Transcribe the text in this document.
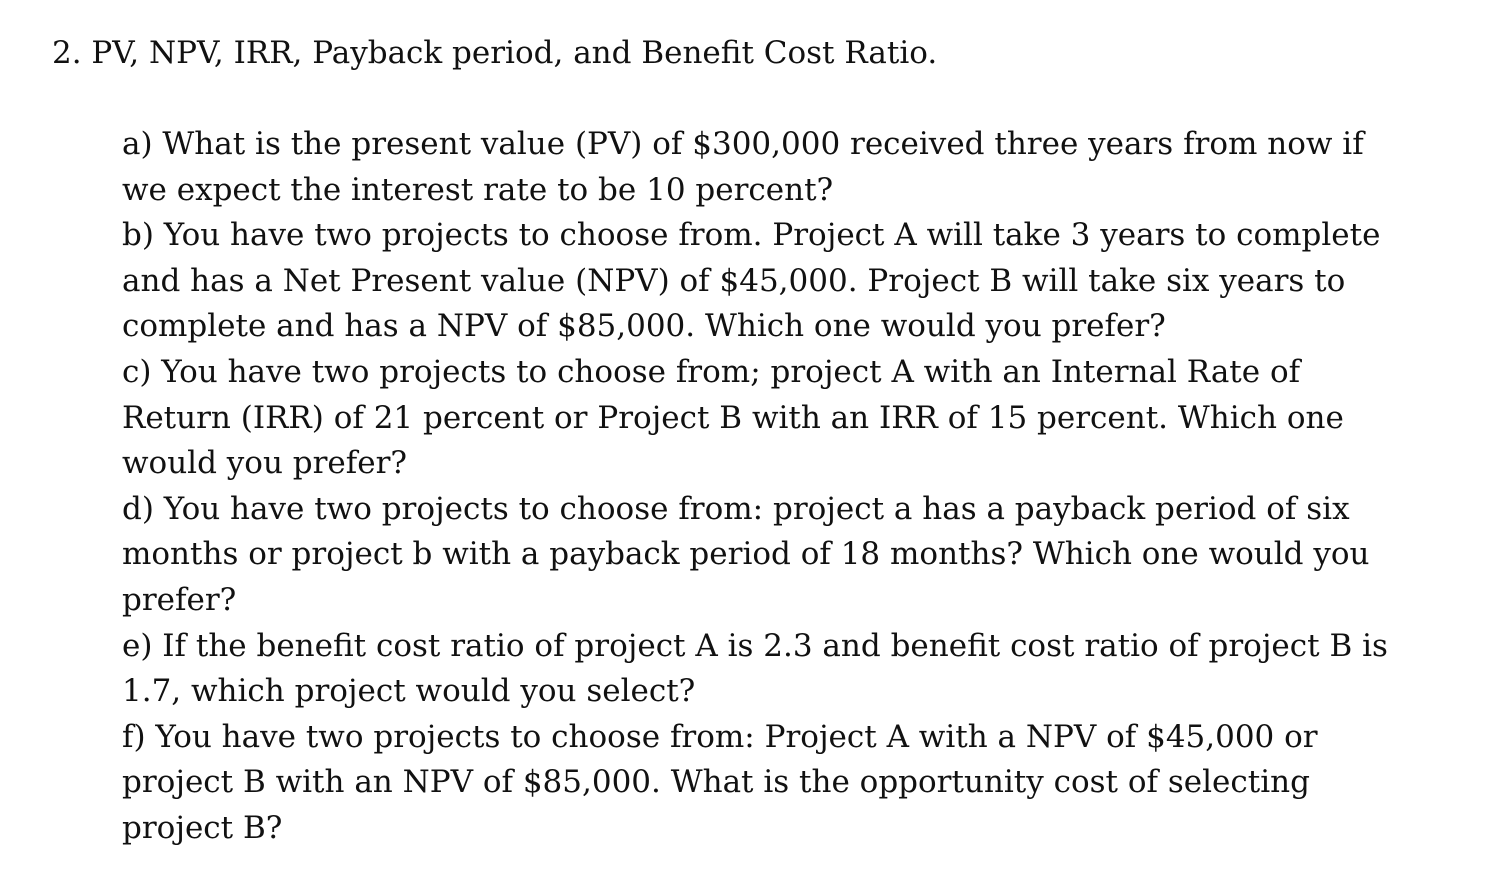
2. PV, NPV, IRR, Payback period, and Benefit Cost Ratio.
a) What is the present value (PV) of $300,000 received three years from now if
we expect the interest rate to be 10 percent?
b) You have two projects to choose from. Project A will take 3 years to complete
and has a Net Present value (NPV) of $45,000. Project B will take six years to
complete and has a NPV of $85,000. Which one would you prefer?
c) You have two projects to choose from; project A with an Internal Rate of
Return (IRR) of 21 percent or Project B with an IRR of 15 percent. Which one
would you prefer?
d) You have two projects to choose from: project a has a payback period of six
months or project b with a payback period of 18 months? Which one would you
prefer?
e) If the benefit cost ratio of project A is 2.3 and benefit cost ratio of project B is
1.7, which project would you select?
f) You have two projects to choose from: Project A with a NPV of $45,000 or
project B with an NPV of $85,000. What is the opportunity cost of selecting
project B?
